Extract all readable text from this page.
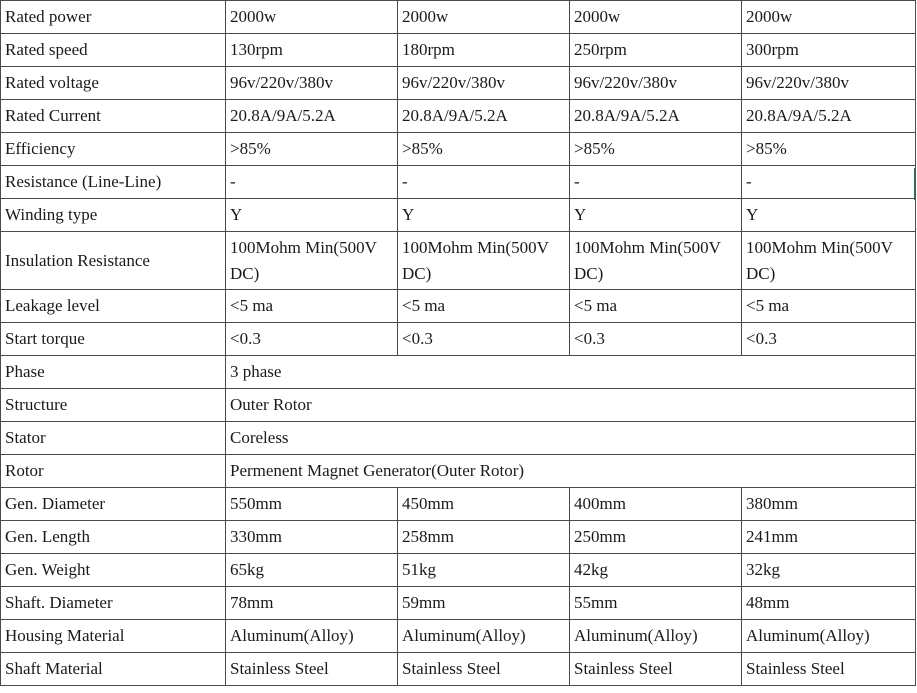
Rated power	2000w	2000w	2000w	2000w
Rated speed	130rpm	180rpm	250rpm	300rpm
Rated voltage	96v/220v/380v	96v/220v/380v	96v/220v/380v	96v/220v/380v
Rated Current	20.8A/9A/5.2A	20.8A/9A/5.2A	20.8A/9A/5.2A	20.8A/9A/5.2A
Efficiency	>85%	>85%	>85%	>85%
Resistance (Line-Line)	-	-	-	-
Winding type	Y	Y	Y	Y
Insulation Resistance	100Mohm Min(500V DC)	100Mohm Min(500V DC)	100Mohm Min(500V DC)	100Mohm Min(500V DC)
Leakage level	<5 ma	<5 ma	<5 ma	<5 ma
Start torque	<0.3	<0.3	<0.3	<0.3
Phase	3 phase			
Structure	Outer Rotor			
Stator	Coreless			
Rotor	Permenent Magnet Generator(Outer Rotor)			
Gen. Diameter	550mm	450mm	400mm	380mm
Gen. Length	330mm	258mm	250mm	241mm
Gen. Weight	65kg	51kg	42kg	32kg
Shaft. Diameter	78mm	59mm	55mm	48mm
Housing Material	Aluminum(Alloy)	Aluminum(Alloy)	Aluminum(Alloy)	Aluminum(Alloy)
Shaft Material	Stainless Steel	Stainless Steel	Stainless Steel	Stainless Steel
